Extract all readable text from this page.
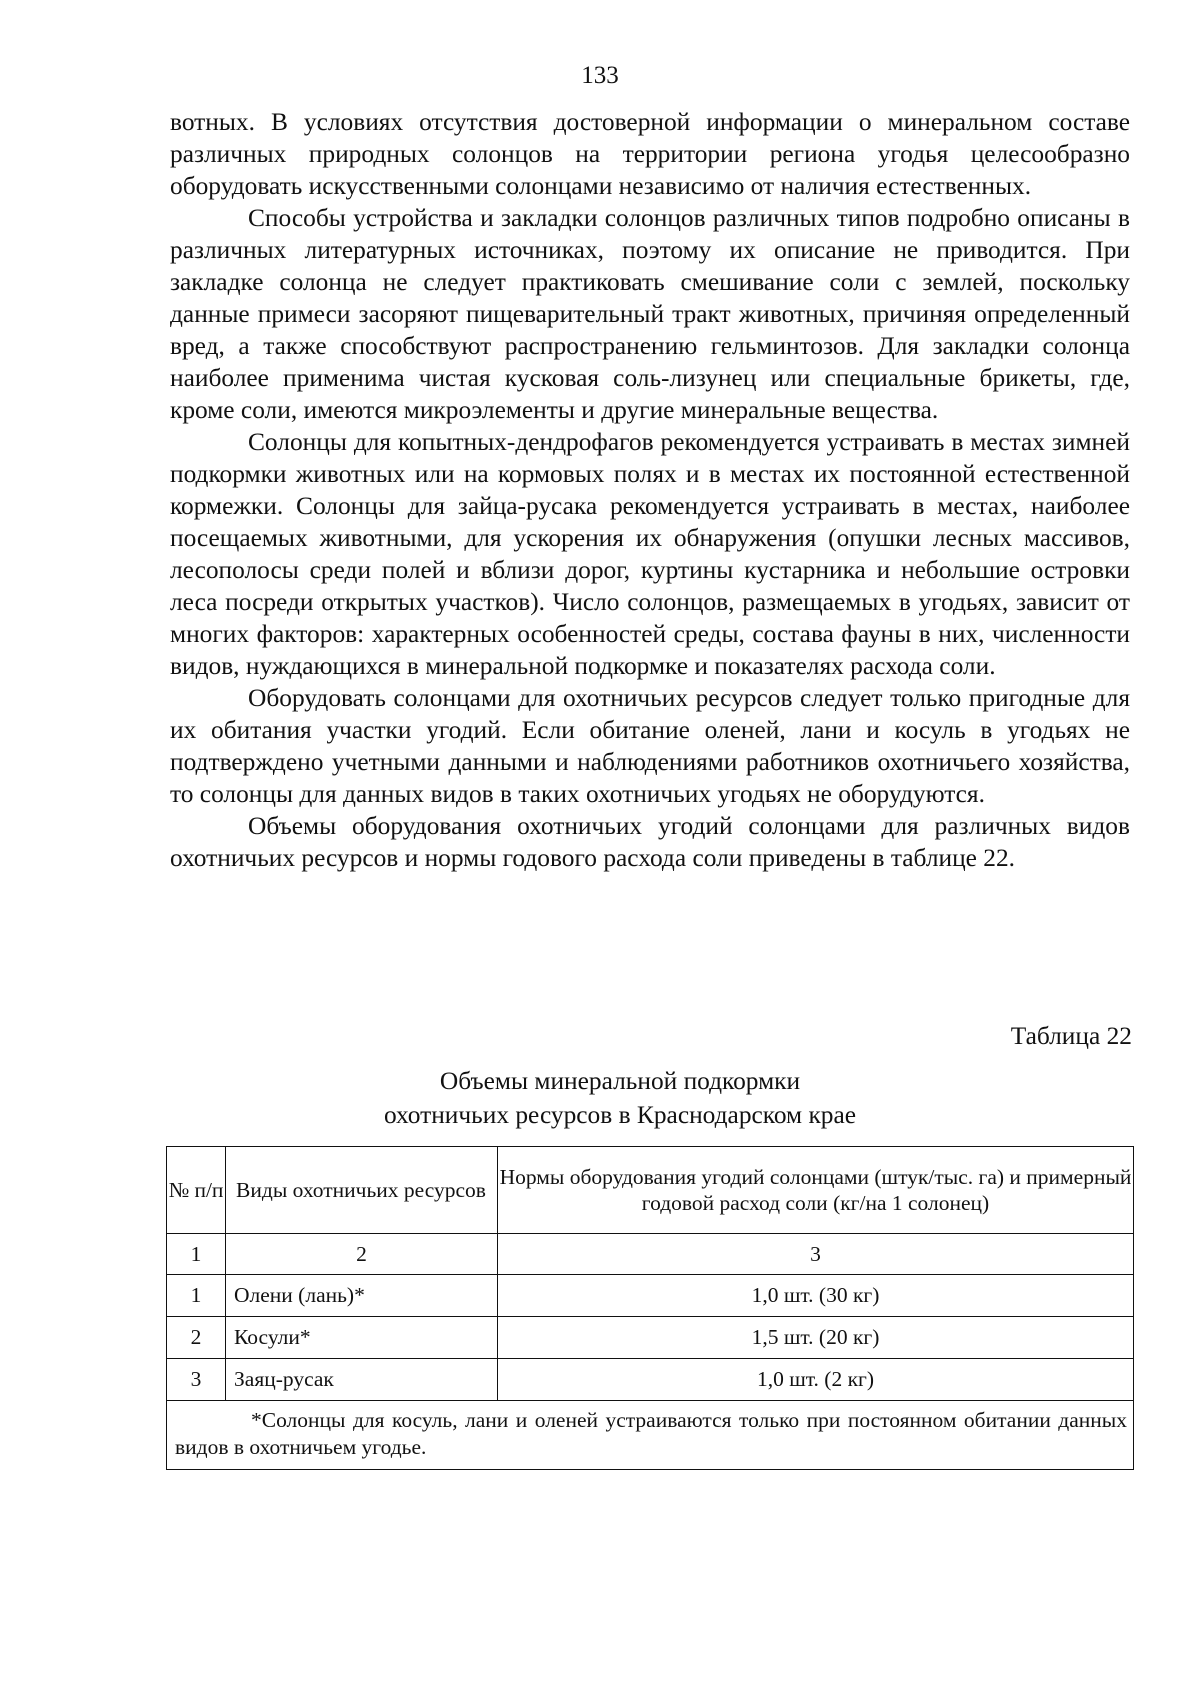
133

вотных. В условиях отсутствия достоверной информации о минеральном составе различных природных солонцов на территории региона угодья целесообразно оборудовать искусственными солонцами независимо от наличия естественных.

Способы устройства и закладки солонцов различных типов подробно описаны в различных литературных источниках, поэтому их описание не приводится. При закладке солонца не следует практиковать смешивание соли с землей, поскольку данные примеси засоряют пищеварительный тракт животных, причиняя определенный вред, а также способствуют распространению гельминтозов. Для закладки солонца наиболее применима чистая кусковая соль-лизунец или специальные брикеты, где, кроме соли, имеются микроэлементы и другие минеральные вещества.

Солонцы для копытных-дендрофагов рекомендуется устраивать в местах зимней подкормки животных или на кормовых полях и в местах их постоянной естественной кормежки. Солонцы для зайца-русака рекомендуется устраивать в местах, наиболее посещаемых животными, для ускорения их обнаружения (опушки лесных массивов, лесополосы среди полей и вблизи дорог, куртины кустарника и небольшие островки леса посреди открытых участков). Число солонцов, размещаемых в угодьях, зависит от многих факторов: характерных особенностей среды, состава фауны в них, численности видов, нуждающихся в минеральной подкормке и показателях расхода соли.

Оборудовать солонцами для охотничьих ресурсов следует только пригодные для их обитания участки угодий. Если обитание оленей, лани и косуль в угодьях не подтверждено учетными данными и наблюдениями работников охотничьего хозяйства, то солонцы для данных видов в таких охотничьих угодьях не оборудуются.

Объемы оборудования охотничьих угодий солонцами для различных видов охотничьих ресурсов и нормы годового расхода соли приведены в таблице 22.

Таблица 22
Объемы минеральной подкормки
охотничьих ресурсов в Краснодарском крае
№ п/п	Виды охотничьих ресурсов	Нормы оборудования угодий солонцами (штук/тыс. га) и примерный годовой расход соли (кг/на 1 солонец)
1	2	3
1	Олени (лань)*	1,0 шт. (30 кг)
2	Косули*	1,5 шт. (20 кг)
3	Заяц-русак	1,0 шт. (2 кг)
*Солонцы для косуль, лани и оленей устраиваются только при постоянном обитании данных видов в охотничьем угодье.		
